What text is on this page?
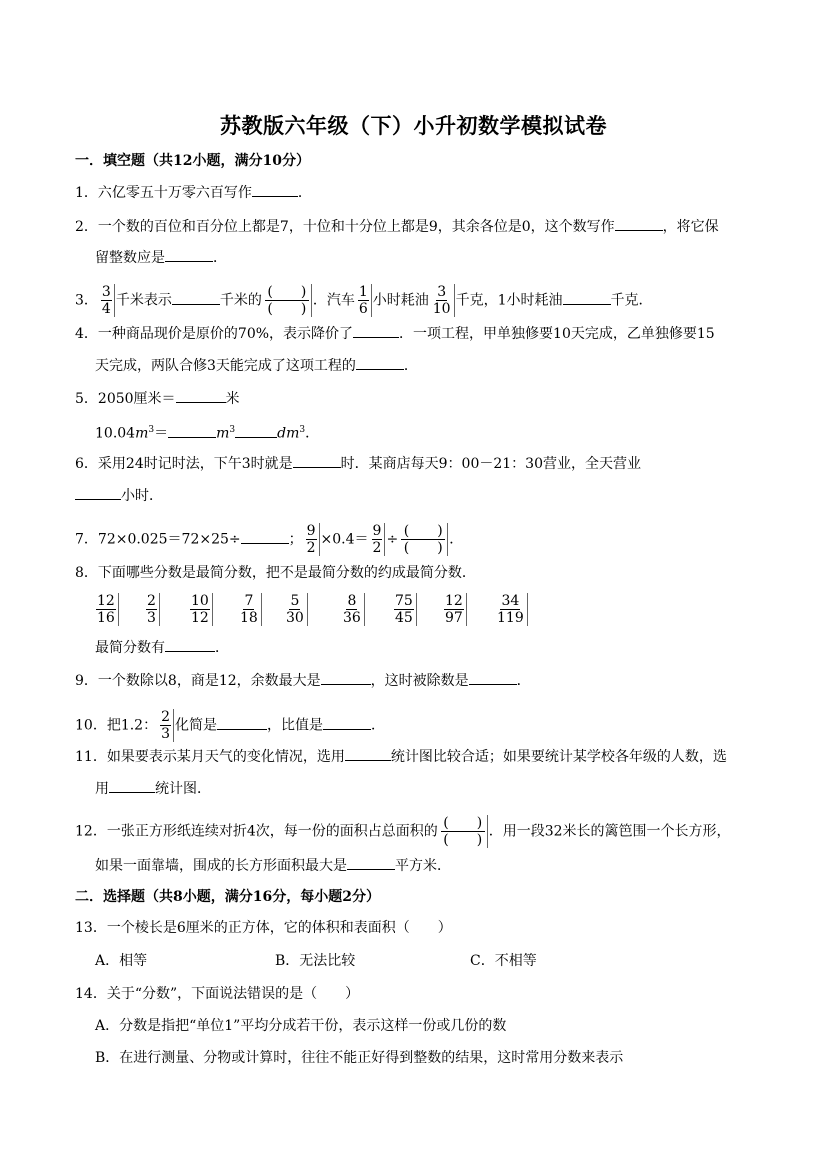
苏教版六年级（下）小升初数学模拟试卷
一．填空题（共12小题，满分10分）
1．六亿零五十万零六百写作	．
2．一个数的百位和百分位上都是7，十位和十分位上都是9，其余各位是0，这个数写作	，将它保
留整数应是	．
3． $\frac{3}{4}$ 千米表示	千米的
(　　)
(　　)
．汽车 $\frac{1}{6}$ 小时耗油 $\frac{3}{10}$ 千克，1小时耗油	千克．
4．一种商品现价是原价的70%，表示降价了	．一项工程，甲单独修要10天完成，乙单独修要15
天完成，两队合修3天能完成了这项工程的	．
5．2050厘米＝	米
$10.04m^3=$	$m^3$	$dm^3$．
6．采用24时记时法，下午3时就是	时．某商店每天9：00－21：30营业，全天营业
小时．
7．72×0.025＝72×25÷	； $\frac{9}{2} \times 0.4= \frac{9}{2}$ ÷
(　　)
(　　)
．
8．下面哪些分数是最简分数，把不是最简分数的约成最简分数．
12
16
2
3
10
12
7
18
5
30
8
36
75
45
12
97
34
119
最简分数有	．
9．一个数除以8，商是12，余数最大是	，这时被除数是	．
10．把1.2： $\frac{2}{3}$ 化简是	，比值是	．
11．如果要表示某月天气的变化情况，选用	统计图比较合适；如果要统计某学校各年级的人数，选
用	统计图．
12．一张正方形纸连续对折4次，每一份的面积占总面积的
(　　)
(　　)
．用一段32米长的篱笆围一个长方形，
如果一面靠墙，围成的长方形面积最大是	平方米．
二．选择题（共8小题，满分16分，每小题2分）
13．一个棱长是6厘米的正方体，它的体积和表面积（　　）
A．相等	B．无法比较	C．不相等
14．关于“分数”，下面说法错误的是（　　）
A．分数是指把“单位1”平均分成若干份，表示这样一份或几份的数
B．在进行测量、分物或计算时，往往不能正好得到整数的结果，这时常用分数来表示
